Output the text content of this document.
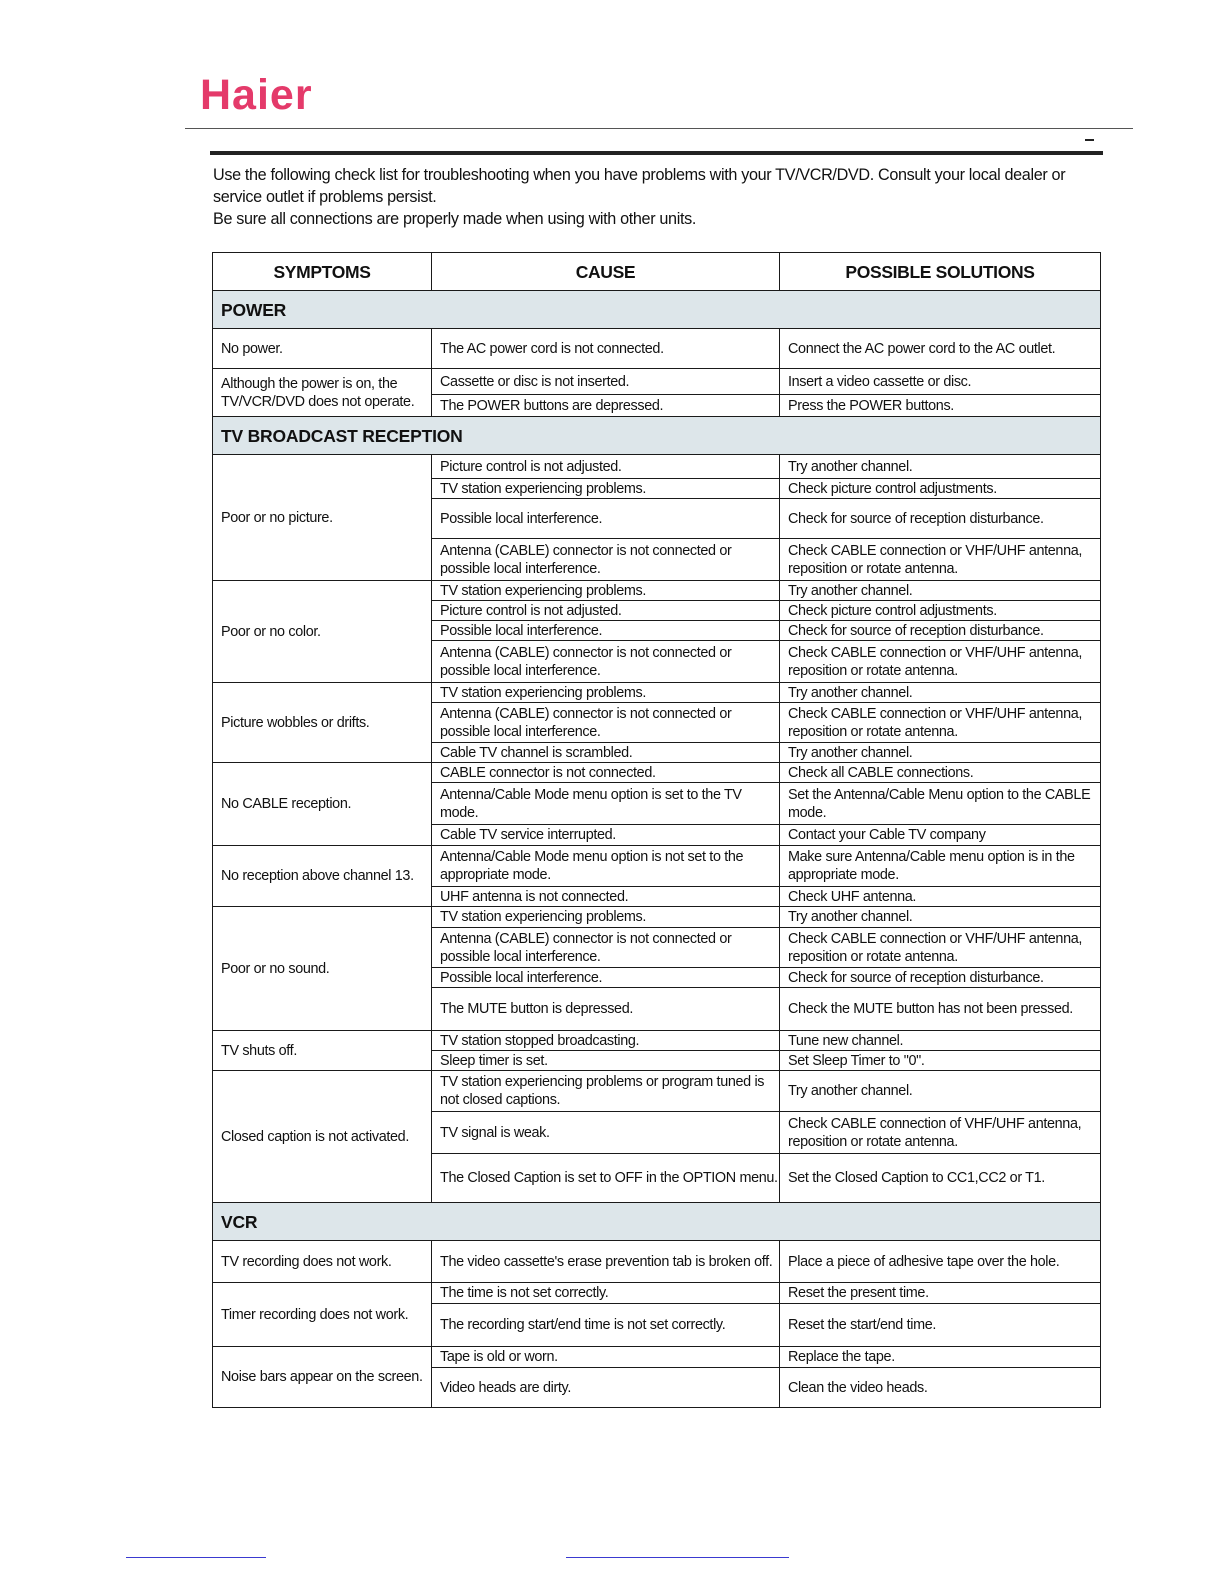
Haier

Use the following check list for troubleshooting when you have problems with your TV/VCR/DVD. Consult your local dealer or service outlet if problems persist.

Be sure all connections are properly made when using with other units.

SYMPTOMS	CAUSE	POSSIBLE SOLUTIONS
POWER		
No power.	The AC power cord is not connected.	Connect the AC power cord to the AC outlet.
Although the power is on, the TV/VCR/DVD does not operate.	Cassette or disc is not inserted.	Insert a video cassette or disc.
	The POWER buttons are depressed.	Press the POWER buttons.
TV BROADCAST RECEPTION		
Poor or no picture.	Picture control is not adjusted.	Try another channel.
	TV station experiencing problems.	Check picture control adjustments.
	Possible local interference.	Check for source of reception disturbance.
	Antenna (CABLE) connector is not connected or possible local interference.	Check CABLE connection or VHF/UHF antenna, reposition or rotate antenna.
Poor or no color.	TV station experiencing problems.	Try another channel.
	Picture control is not adjusted.	Check picture control adjustments.
	Possible local interference.	Check for source of reception disturbance.
	Antenna (CABLE) connector is not connected or possible local interference.	Check CABLE connection or VHF/UHF antenna, reposition or rotate antenna.
Picture wobbles or drifts.	TV station experiencing problems.	Try another channel.
	Antenna (CABLE) connector is not connected or possible local interference.	Check CABLE connection or VHF/UHF antenna, reposition or rotate antenna.
	Cable TV channel is scrambled.	Try another channel.
No CABLE reception.	CABLE connector is not connected.	Check all CABLE connections.
	Antenna/Cable Mode menu option is set to the TV mode.	Set the Antenna/Cable Menu option to the CABLE mode.
	Cable TV service interrupted.	Contact your Cable TV company
No reception above channel 13.	Antenna/Cable Mode menu option is not set to the appropriate mode.	Make sure Antenna/Cable menu option is in the appropriate mode.
	UHF antenna is not connected.	Check UHF antenna.
Poor or no sound.	TV station experiencing problems.	Try another channel.
	Antenna (CABLE) connector is not connected or possible local interference.	Check CABLE connection or VHF/UHF antenna, reposition or rotate antenna.
	Possible local interference.	Check for source of reception disturbance.
	The MUTE button is depressed.	Check the MUTE button has not been pressed.
TV shuts off.	TV station stopped broadcasting.	Tune new channel.
	Sleep timer is set.	Set Sleep Timer to "0".
Closed caption is not activated.	TV station experiencing problems or program tuned is not closed captions.	Try another channel.
	TV signal is weak.	Check CABLE connection of VHF/UHF antenna, reposition or rotate antenna.
	The Closed Caption is set to OFF in the OPTION menu.	Set the Closed Caption to CC1,CC2 or T1.
VCR		
TV recording does not work.	The video cassette's erase prevention tab is broken off.	Place a piece of adhesive tape over the hole.
Timer recording does not work.	The time is not set correctly.	Reset the present time.
	The recording start/end time is not set correctly.	Reset the start/end time.
Noise bars appear on the screen.	Tape is old or worn.	Replace the tape.
	Video heads are dirty.	Clean the video heads.
